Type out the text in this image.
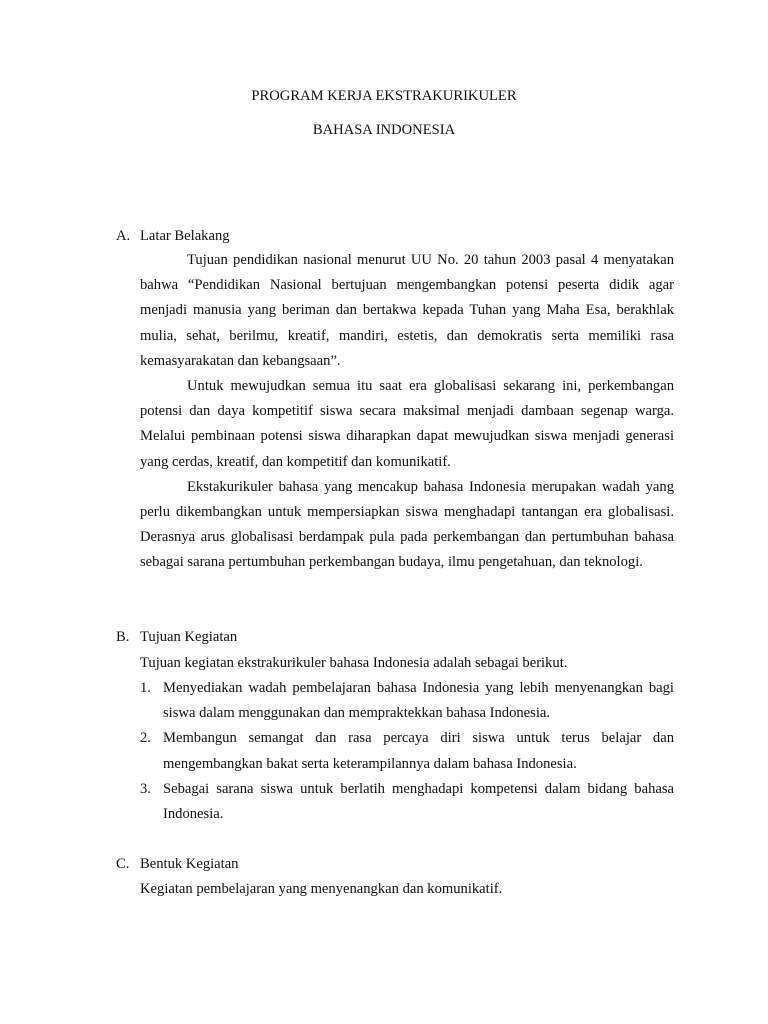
PROGRAM KERJA EKSTRAKURIKULER
BAHASA INDONESIA
A. Latar Belakang

Tujuan pendidikan nasional menurut UU No. 20 tahun 2003 pasal 4 menyatakan bahwa “Pendidikan Nasional bertujuan mengembangkan potensi peserta didik agar menjadi manusia yang beriman dan bertakwa kepada Tuhan yang Maha Esa, berakhlak mulia, sehat, berilmu, kreatif, mandiri, estetis, dan demokratis serta memiliki rasa kemasyarakatan dan kebangsaan”.

Untuk mewujudkan semua itu saat era globalisasi sekarang ini, perkembangan potensi dan daya kompetitif siswa secara maksimal menjadi dambaan segenap warga. Melalui pembinaan potensi siswa diharapkan dapat mewujudkan siswa menjadi generasi yang cerdas, kreatif, dan kompetitif dan komunikatif.

Ekstakurikuler bahasa yang mencakup bahasa Indonesia merupakan wadah yang perlu dikembangkan untuk mempersiapkan siswa menghadapi tantangan era globalisasi. Derasnya arus globalisasi berdampak pula pada perkembangan dan pertumbuhan bahasa sebagai sarana pertumbuhan perkembangan budaya, ilmu pengetahuan, dan teknologi.

B. Tujuan Kegiatan
Tujuan kegiatan ekstrakurikuler bahasa Indonesia adalah sebagai berikut.
1. Menyediakan wadah pembelajaran bahasa Indonesia yang lebih menyenangkan bagi siswa dalam menggunakan dan mempraktekkan bahasa Indonesia.
2. Membangun semangat dan rasa percaya diri siswa untuk terus belajar dan mengembangkan bakat serta keterampilannya dalam bahasa Indonesia.
3. Sebagai sarana siswa untuk berlatih menghadapi kompetensi dalam bidang bahasa Indonesia.
C. Bentuk Kegiatan
Kegiatan pembelajaran yang menyenangkan dan komunikatif.
